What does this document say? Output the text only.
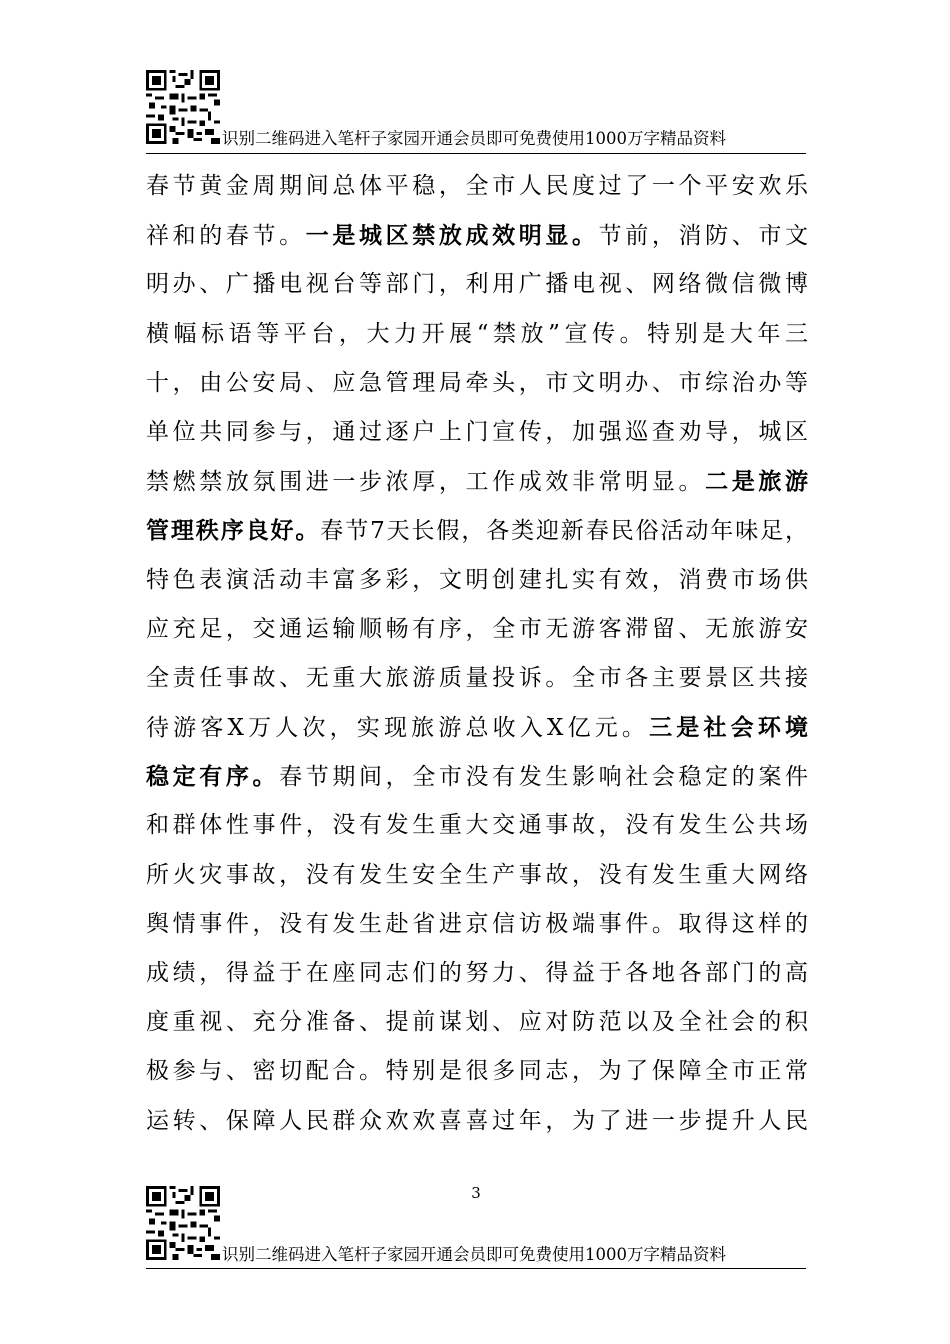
识别二维码进入笔杆子家园开通会员即可免费使用1000万字精品资料
春节黄金周期间总体平稳，全市人民度过了一个平安欢乐
祥和的春节。一是城区禁放成效明显。节前，消防、市文
明办、广播电视台等部门，利用广播电视、网络微信微博
横幅标语等平台，大力开展“禁放”宣传。特别是大年三
十，由公安局、应急管理局牵头，市文明办、市综治办等
单位共同参与，通过逐户上门宣传，加强巡查劝导，城区
禁燃禁放氛围进一步浓厚，工作成效非常明显。二是旅游
管理秩序良好。春节7天长假，各类迎新春民俗活动年味足，
特色表演活动丰富多彩，文明创建扎实有效，消费市场供
应充足，交通运输顺畅有序，全市无游客滞留、无旅游安
全责任事故、无重大旅游质量投诉。全市各主要景区共接
待游客X万人次，实现旅游总收入X亿元。三是社会环境
稳定有序。春节期间，全市没有发生影响社会稳定的案件
和群体性事件，没有发生重大交通事故，没有发生公共场
所火灾事故，没有发生安全生产事故，没有发生重大网络
舆情事件，没有发生赴省进京信访极端事件。取得这样的
成绩，得益于在座同志们的努力、得益于各地各部门的高
度重视、充分准备、提前谋划、应对防范以及全社会的积
极参与、密切配合。特别是很多同志，为了保障全市正常
运转、保障人民群众欢欢喜喜过年，为了进一步提升人民
3
识别二维码进入笔杆子家园开通会员即可免费使用1000万字精品资料
